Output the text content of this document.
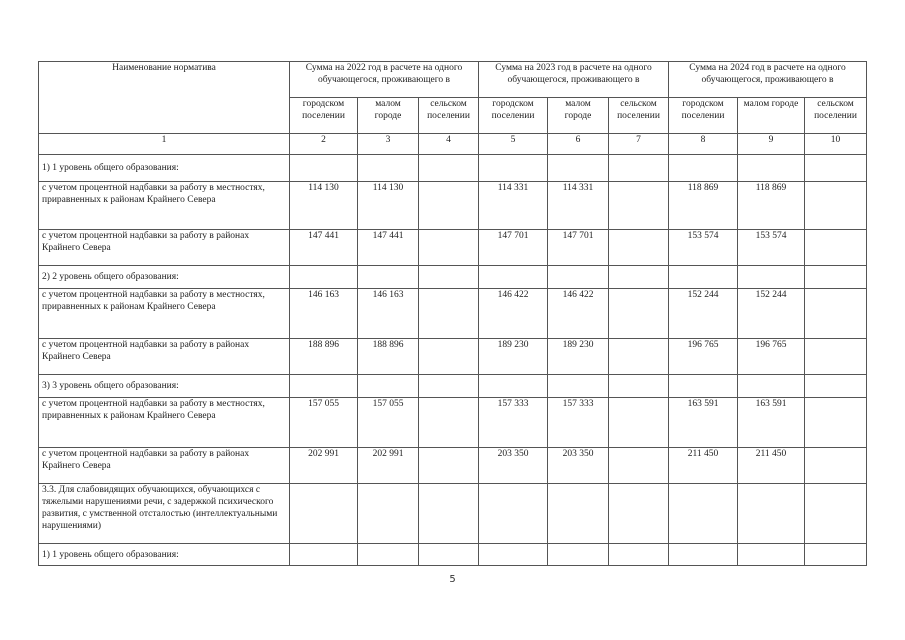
Наименование норматива	Сумма на 2022 год в расчете на одного обучающегося, проживающего в			Сумма на 2023 год в расчете на одного обучающегося, проживающего в			Сумма на 2024 год в расчете на одного обучающегося, проживающего в		

	городском поселении	малом городе	сельском поселении	городском поселении	малом городе	сельском поселении	городском поселении	малом городе	сельском поселении
1	2	3	4	5	6	7	8	9	10
1) 1 уровень общего образования:									
с учетом процентной надбавки за работу в местностях, приравненных к районам Крайнего Севера	114 130	114 130		114 331	114 331		118 869	118 869	
с учетом процентной надбавки за работу в районах Крайнего Севера	147 441	147 441		147 701	147 701		153 574	153 574	
2) 2 уровень общего образования:									
с учетом процентной надбавки за работу в местностях, приравненных к районам Крайнего Севера	146 163	146 163		146 422	146 422		152 244	152 244	
с учетом процентной надбавки за работу в районах Крайнего Севера	188 896	188 896		189 230	189 230		196 765	196 765	
3) 3 уровень общего образования:									
с учетом процентной надбавки за работу в местностях, приравненных к районам Крайнего Севера	157 055	157 055		157 333	157 333		163 591	163 591	
с учетом процентной надбавки за работу в районах Крайнего Севера	202 991	202 991		203 350	203 350		211 450	211 450	
3.3. Для слабовидящих обучающихся, обучающихся с тяжелыми нарушениями речи, с задержкой психического развития, с умственной отсталостью (интеллектуальными нарушениями)									
1) 1 уровень общего образования:									
5
